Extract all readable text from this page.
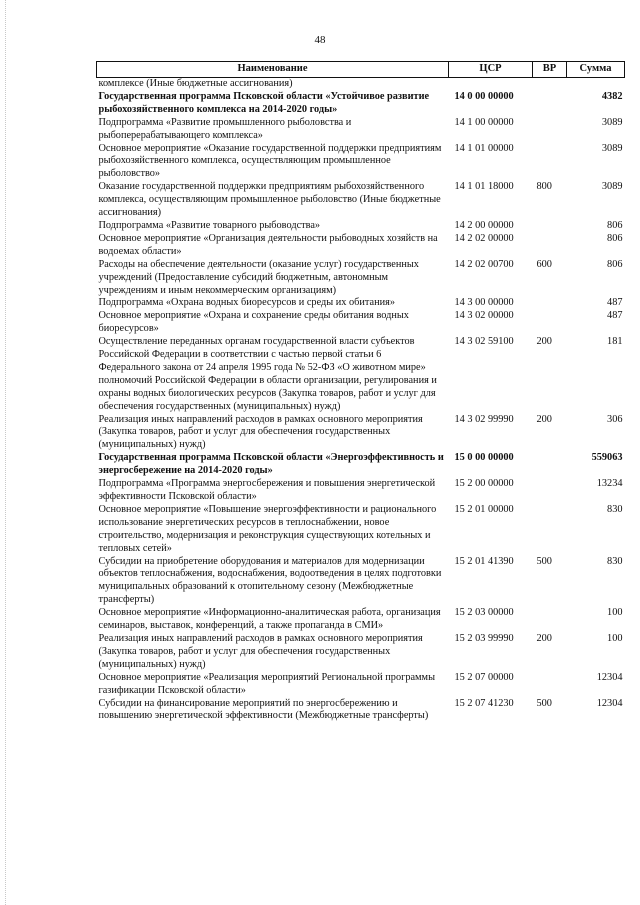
48
Наименование	ЦСР	ВР	Сумма
комплексе (Иные бюджетные ассигнования)			
Государственная программа Псковской области «Устойчивое развитие рыбохозяйственного комплекса на 2014-2020 годы»	14 0 00 00000		4382
Подпрограмма «Развитие промышленного рыболовства и рыбоперерабатывающего комплекса»	14 1 00 00000		3089
Основное мероприятие «Оказание государственной поддержки предприятиям рыбохозяйственного комплекса, осуществляющим промышленное рыболовство»	14 1 01 00000		3089
Оказание государственной поддержки предприятиям рыбохозяйственного комплекса, осуществляющим промышленное рыболовство (Иные бюджетные ассигнования)	14 1 01 18000	800	3089
Подпрограмма «Развитие товарного рыбоводства»	14 2 00 00000		806
Основное мероприятие «Организация деятельности рыбоводных хозяйств на водоемах области»	14 2 02 00000		806
Расходы на обеспечение деятельности (оказание услуг) государственных учреждений (Предоставление субсидий бюджетным, автономным учреждениям и иным некоммерческим организациям)	14 2 02 00700	600	806
Подпрограмма «Охрана водных биоресурсов и среды их обитания»	14 3 00 00000		487
Основное мероприятие «Охрана и сохранение среды обитания водных биоресурсов»	14 3 02 00000		487
Осуществление переданных органам государственной власти субъектов Российской Федерации в соответствии с частью первой статьи 6 Федерального закона от 24 апреля 1995 года № 52-ФЗ «О животном мире» полномочий Российской Федерации в области организации, регулирования и охраны водных биологических ресурсов (Закупка товаров, работ и услуг для обеспечения государственных (муниципальных) нужд)	14 3 02 59100	200	181
Реализация иных направлений расходов в рамках основного мероприятия (Закупка товаров, работ и услуг для обеспечения государственных (муниципальных) нужд)	14 3 02 99990	200	306
Государственная программа Псковской области «Энергоэффективность и энергосбережение на 2014-2020 годы»	15 0 00 00000		559063
Подпрограмма «Программа энергосбережения и повышения энергетической эффективности Псковской области»	15 2 00 00000		13234
Основное мероприятие «Повышение энергоэффективности и рационального использование энергетических ресурсов в теплоснабжении, новое строительство, модернизация и реконструкция существующих котельных и тепловых сетей»	15 2 01 00000		830
Субсидии на приобретение оборудования и материалов для модернизации объектов теплоснабжения, водоснабжения, водоотведения в целях подготовки муниципальных образований к отопительному сезону (Межбюджетные трансферты)	15 2 01 41390	500	830
Основное мероприятие «Информационно-аналитическая работа, организация семинаров, выставок, конференций, а также пропаганда в СМИ»	15 2 03 00000		100
Реализация иных направлений расходов в рамках основного мероприятия (Закупка товаров, работ и услуг для обеспечения государственных (муниципальных) нужд)	15 2 03 99990	200	100
Основное мероприятие «Реализация мероприятий Региональной программы газификации Псковской области»	15 2 07 00000		12304
Субсидии на финансирование мероприятий по энергосбережению и повышению энергетической эффективности (Межбюджетные трансферты)	15 2 07 41230	500	12304
